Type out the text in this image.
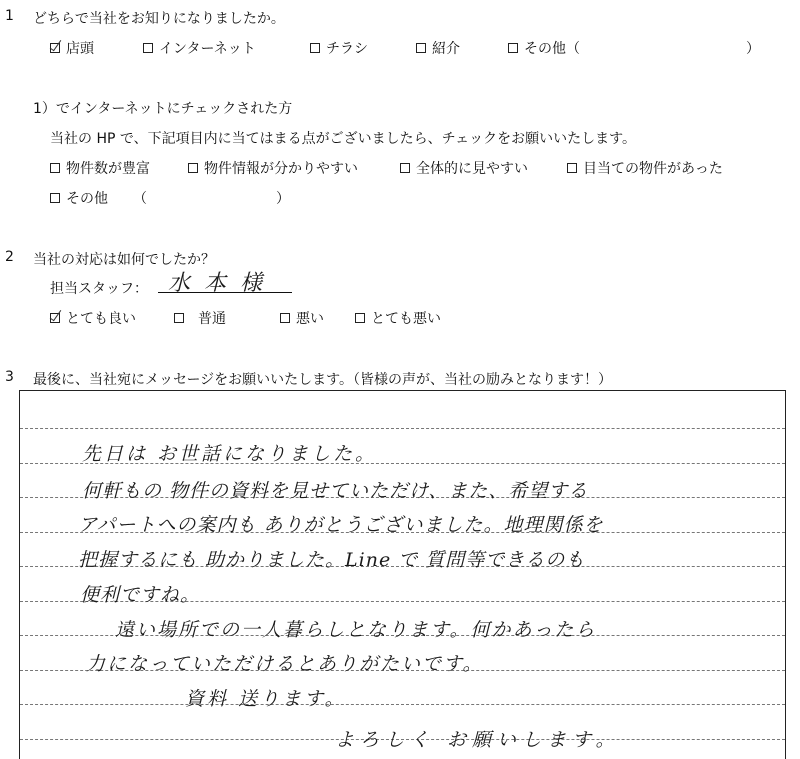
1 どちらで当社をお知りになりましたか。
店頭	インターネット	チラシ	紹介	その他（	）
1）でインターネットにチェックされた方
当社の HP で、下記項目内に当てはまる点がございましたら、チェックをお願いいたします。
物件数が豊富	物件情報が分かりやすい	全体的に見やすい	目当ての物件があった
その他 （	）
2 当社の対応は如何でしたか？
担当スタッフ： 水本様
とても良い	普通	悪い	とても悪い
3 最後に、当社宛にメッセージをお願いいたします。（皆様の声が、当社の励みとなります！）
先日は お世話になりました。
何軒もの 物件の資料を見せていただけ、また、希望する
アパートへの案内も ありがとうございました。地理関係を
把握するにも 助かりました。Line で 質問等できるのも
便利ですね。
遠い場所での一人暮らしとなります。何かあったら
力になっていただけるとありがたいです。
資料 送ります。
よろしく お願いします。
